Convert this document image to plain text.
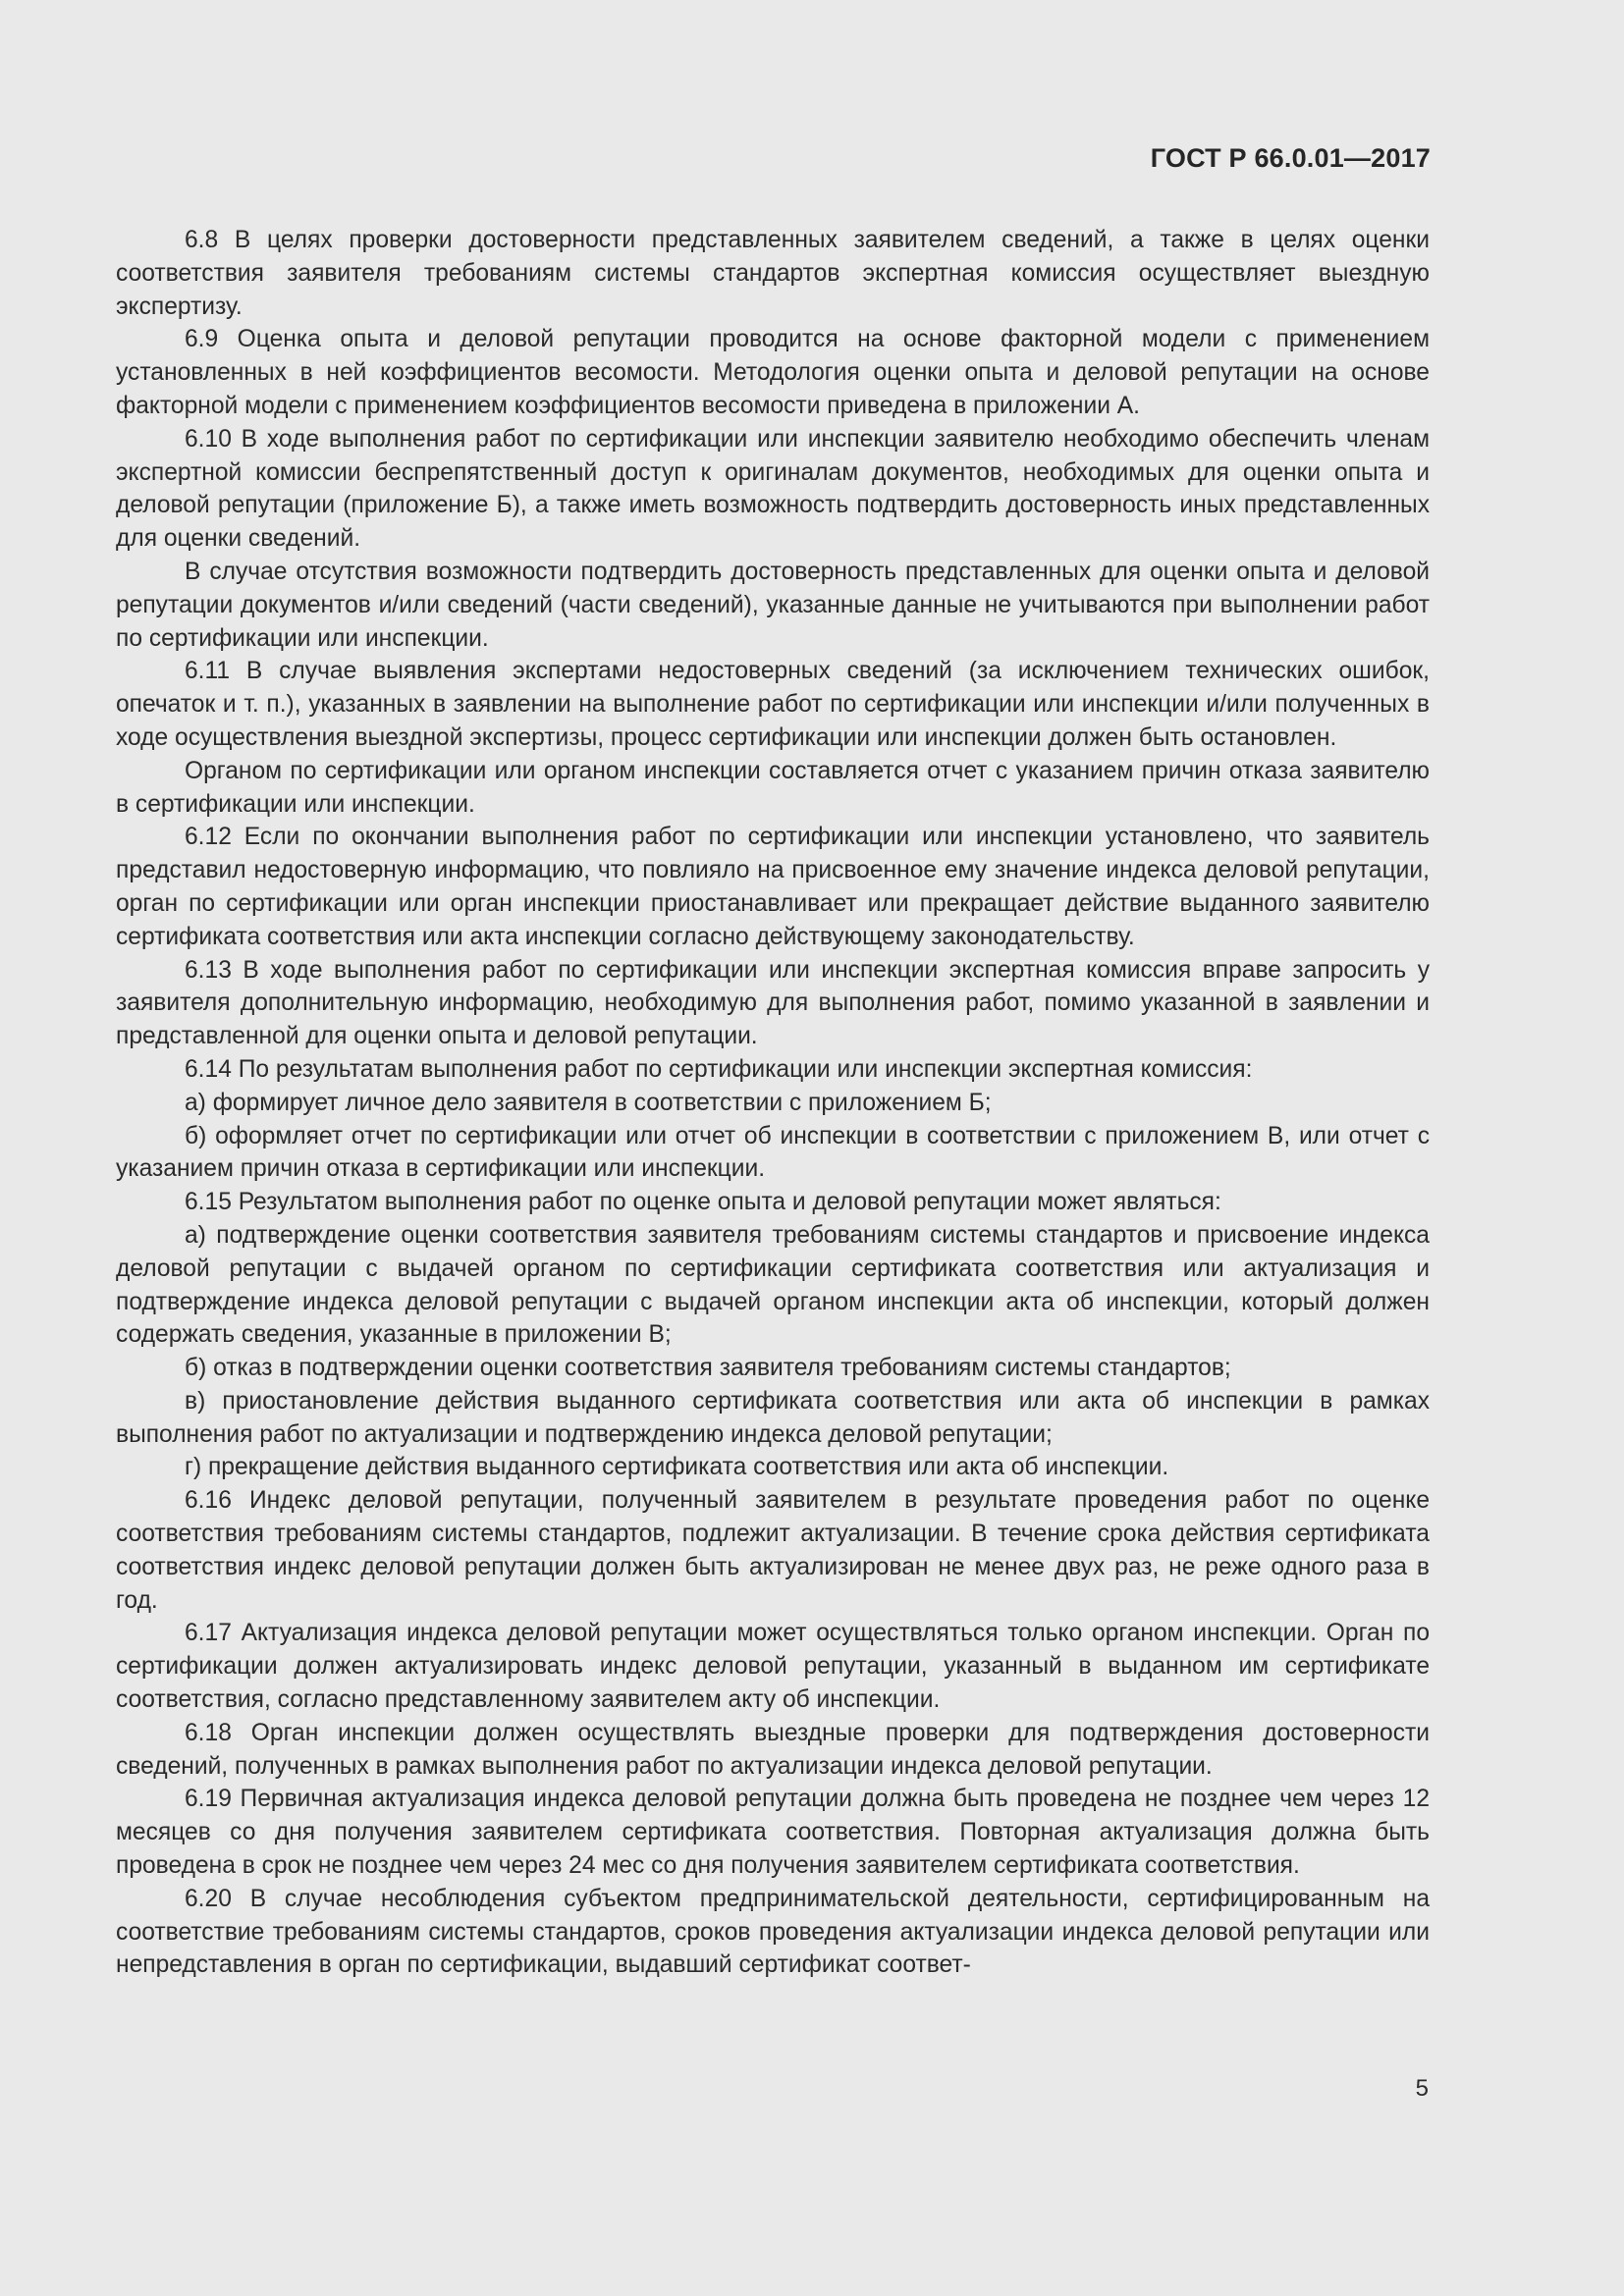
ГОСТ Р 66.0.01—2017

6.8 В целях проверки достоверности представленных заявителем сведений, а также в целях оценки соответствия заявителя требованиям системы стандартов экспертная комиссия осуществляет выездную экспертизу.

6.9 Оценка опыта и деловой репутации проводится на основе факторной модели с применением установленных в ней коэффициентов весомости. Методология оценки опыта и деловой репутации на основе факторной модели с применением коэффициентов весомости приведена в приложении А.

6.10 В ходе выполнения работ по сертификации или инспекции заявителю необходимо обеспечить членам экспертной комиссии беспрепятственный доступ к оригиналам документов, необходимых для оценки опыта и деловой репутации (приложение Б), а также иметь возможность подтвердить достоверность иных представленных для оценки сведений.

В случае отсутствия возможности подтвердить достоверность представленных для оценки опыта и деловой репутации документов и/или сведений (части сведений), указанные данные не учитываются при выполнении работ по сертификации или инспекции.

6.11 В случае выявления экспертами недостоверных сведений (за исключением технических ошибок, опечаток и т. п.), указанных в заявлении на выполнение работ по сертификации или инспекции и/или полученных в ходе осуществления выездной экспертизы, процесс сертификации или инспекции должен быть остановлен.

Органом по сертификации или органом инспекции составляется отчет с указанием причин отказа заявителю в сертификации или инспекции.

6.12 Если по окончании выполнения работ по сертификации или инспекции установлено, что заявитель представил недостоверную информацию, что повлияло на присвоенное ему значение индекса деловой репутации, орган по сертификации или орган инспекции приостанавливает или прекращает действие выданного заявителю сертификата соответствия или акта инспекции согласно действующему законодательству.

6.13 В ходе выполнения работ по сертификации или инспекции экспертная комиссия вправе запросить у заявителя дополнительную информацию, необходимую для выполнения работ, помимо указанной в заявлении и представленной для оценки опыта и деловой репутации.

6.14 По результатам выполнения работ по сертификации или инспекции экспертная комиссия:

а) формирует личное дело заявителя в соответствии с приложением Б;

б) оформляет отчет по сертификации или отчет об инспекции в соответствии с приложением В, или отчет с указанием причин отказа в сертификации или инспекции.

6.15 Результатом выполнения работ по оценке опыта и деловой репутации может являться:

а) подтверждение оценки соответствия заявителя требованиям системы стандартов и присвоение индекса деловой репутации с выдачей органом по сертификации сертификата соответствия или актуализация и подтверждение индекса деловой репутации с выдачей органом инспекции акта об инспекции, который должен содержать сведения, указанные в приложении В;

б) отказ в подтверждении оценки соответствия заявителя требованиям системы стандартов;

в) приостановление действия выданного сертификата соответствия или акта об инспекции в рамках выполнения работ по актуализации и подтверждению индекса деловой репутации;

г) прекращение действия выданного сертификата соответствия или акта об инспекции.

6.16 Индекс деловой репутации, полученный заявителем в результате проведения работ по оценке соответствия требованиям системы стандартов, подлежит актуализации. В течение срока действия сертификата соответствия индекс деловой репутации должен быть актуализирован не менее двух раз, не реже одного раза в год.

6.17 Актуализация индекса деловой репутации может осуществляться только органом инспекции. Орган по сертификации должен актуализировать индекс деловой репутации, указанный в выданном им сертификате соответствия, согласно представленному заявителем акту об инспекции.

6.18 Орган инспекции должен осуществлять выездные проверки для подтверждения достоверности сведений, полученных в рамках выполнения работ по актуализации индекса деловой репутации.

6.19 Первичная актуализация индекса деловой репутации должна быть проведена не позднее чем через 12 месяцев со дня получения заявителем сертификата соответствия. Повторная актуализация должна быть проведена в срок не позднее чем через 24 мес со дня получения заявителем сертификата соответствия.

6.20 В случае несоблюдения субъектом предпринимательской деятельности, сертифицированным на соответствие требованиям системы стандартов, сроков проведения актуализации индекса деловой репутации или непредставления в орган по сертификации, выдавший сертификат соответ-

5
